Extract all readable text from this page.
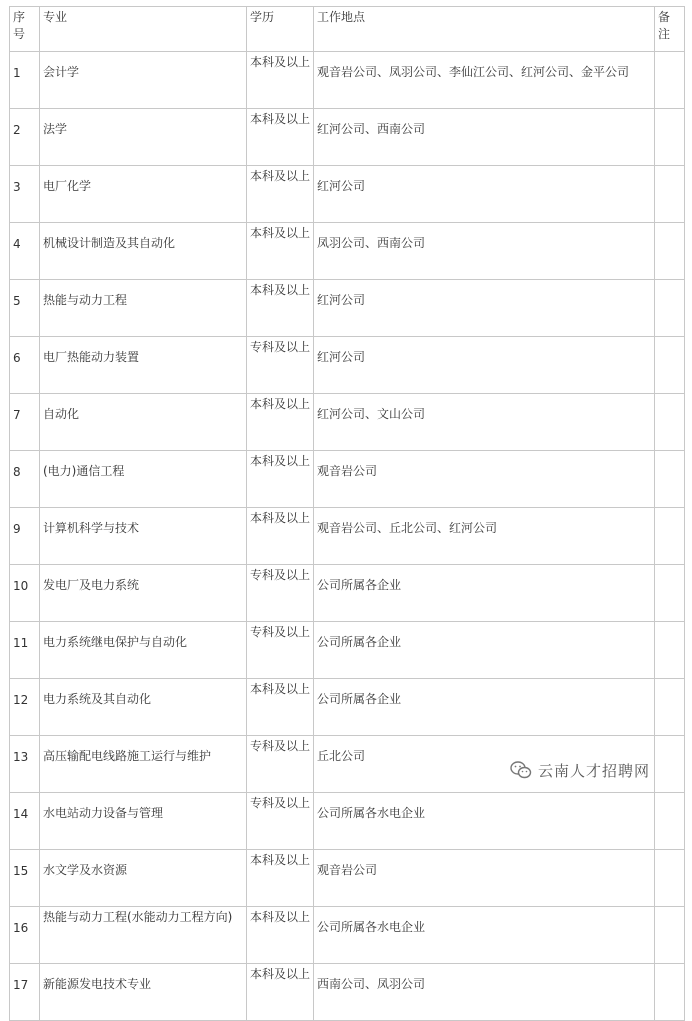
序号	专业	学历	工作地点	备注
1	会计学	本科及以上	观音岩公司、凤羽公司、李仙江公司、红河公司、金平公司	
2	法学	本科及以上	红河公司、西南公司	
3	电厂化学	本科及以上	红河公司	
4	机械设计制造及其自动化	本科及以上	凤羽公司、西南公司	
5	热能与动力工程	本科及以上	红河公司	
6	电厂热能动力装置	专科及以上	红河公司	
7	自动化	本科及以上	红河公司、文山公司	
8	(电力)通信工程	本科及以上	观音岩公司	
9	计算机科学与技术	本科及以上	观音岩公司、丘北公司、红河公司	
10	发电厂及电力系统	专科及以上	公司所属各企业	
11	电力系统继电保护与自动化	专科及以上	公司所属各企业	
12	电力系统及其自动化	本科及以上	公司所属各企业	
13	高压输配电线路施工运行与维护	专科及以上	丘北公司	
14	水电站动力设备与管理	专科及以上	公司所属各水电企业	
15	水文学及水资源	本科及以上	观音岩公司	
16	热能与动力工程(水能动力工程方向)	本科及以上	公司所属各水电企业	
17	新能源发电技术专业	本科及以上	西南公司、凤羽公司	
云南人才招聘网
